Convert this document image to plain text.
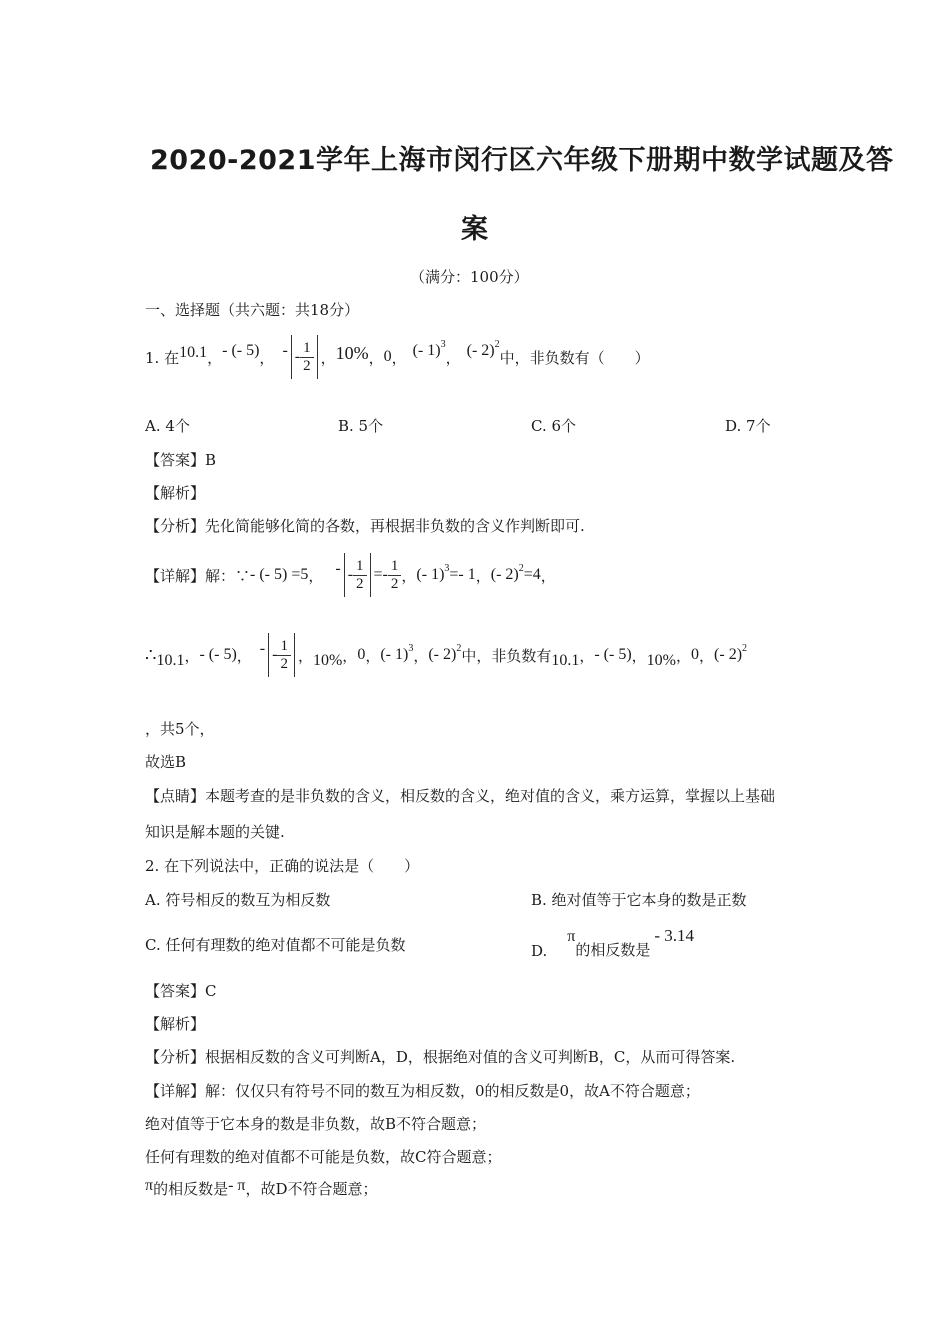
2020-2021学年上海市闵行区六年级下册期中数学试题及答
案
（满分：100分）
一、选择题（共六题：共18分）
1. 在 10.1 ， - (- 5) ， - - $\frac{1}{2}$ ， 10% ， 0 ， (- 1)$^3$
， (- 2)$^2$
中，非负数有（　　）
A. 4个	B. 5个	C. 6个	D. 7个
【答案】B
【解析】
【分析】先化简能够化简的各数，再根据非负数的含义作判断即可.
【详解】解：∵ - (- 5) =5 ， - - $\frac{1}{2} =- \frac{1}{2}$ ， (- 1)$^3$=- 1 ， (- 2)$^2$=4 ，
∴ 10.1 ， - (- 5) ， - - $\frac{1}{2}$ ， 10% ， 0 ， (- 1)$^3$ ， (- 2)$^2$ 中，非负数有 10.1 ， - (- 5) ， 10% ， 0 ， (- 2)$^2$
，共5个，
故选B
【点睛】本题考查的是非负数的含义，相反数的含义，绝对值的含义，乘方运算，掌握以上基础
知识是解本题的关键.
2. 在下列说法中，正确的说法是（　　）
A. 符号相反的数互为相反数	B. 绝对值等于它本身的数是正数
C. 任何有理数的绝对值都不可能是负数	D.
π
的相反数是
- 3.14
【答案】C
【解析】
【分析】根据相反数的含义可判断A，D，根据绝对值的含义可判断B，C，从而可得答案.
【详解】解：仅仅只有符号不同的数互为相反数，0的相反数是0，故A不符合题意；
绝对值等于它本身的数是非负数，故B不符合题意；
任何有理数的绝对值都不可能是负数，故C符合题意；
π 的相反数是 - π ，故D不符合题意；
